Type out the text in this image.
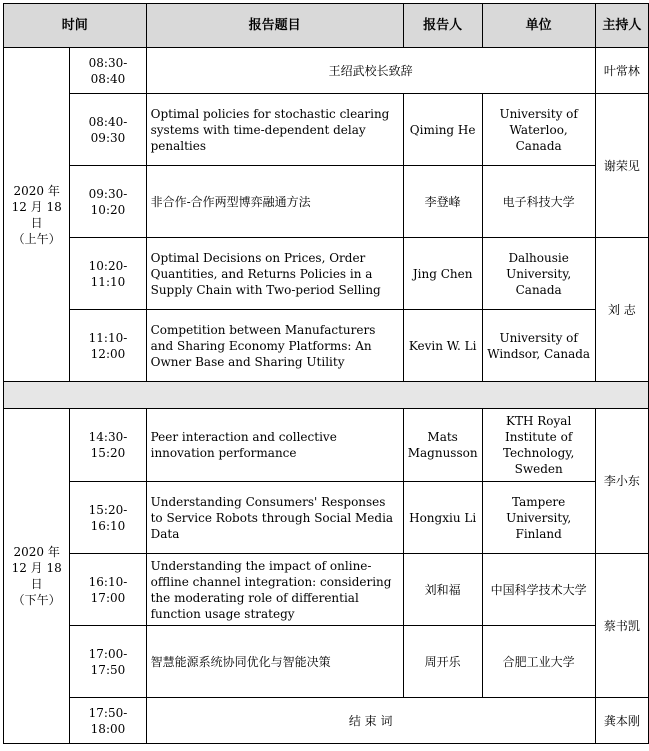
时间		报告题目	报告人	单位	主持人

2020 年
12 月 18 日
（上午）	08:30-08:40	王绍武校长致辞			叶常林
	08:40-09:30	Optimal policies for stochastic clearing systems with time-dependent delay penalties	Qiming He	University of Waterloo, Canada	谢荣见
	09:30-10:20	非合作-合作两型博弈融通方法	李登峰	电子科技大学	
	10:20-11:10	Optimal Decisions on Prices, Order Quantities, and Returns Policies in a Supply Chain with Two-period Selling	Jing Chen	Dalhousie University, Canada	刘 志
	11:10-12:00	Competition between Manufacturers and Sharing Economy Platforms: An Owner Base and Sharing Utility	Kevin W. Li	University of Windsor, Canada	

2020 年
12 月 18 日
（下午）	14:30-15:20	Peer interaction and collective innovation performance	Mats Magnusson	KTH Royal Institute of Technology, Sweden	李小东
	15:20-16:10	Understanding Consumers' Responses to Service Robots through Social Media Data	Hongxiu Li	Tampere University, Finland	
	16:10-17:00	Understanding the impact of online-offline channel integration: considering the moderating role of differential function usage strategy	刘和福	中国科学技术大学	蔡书凯
	17:00-17:50	智慧能源系统协同优化与智能决策	周开乐	合肥工业大学	
	17:50-18:00	结 束 词			龚本刚
